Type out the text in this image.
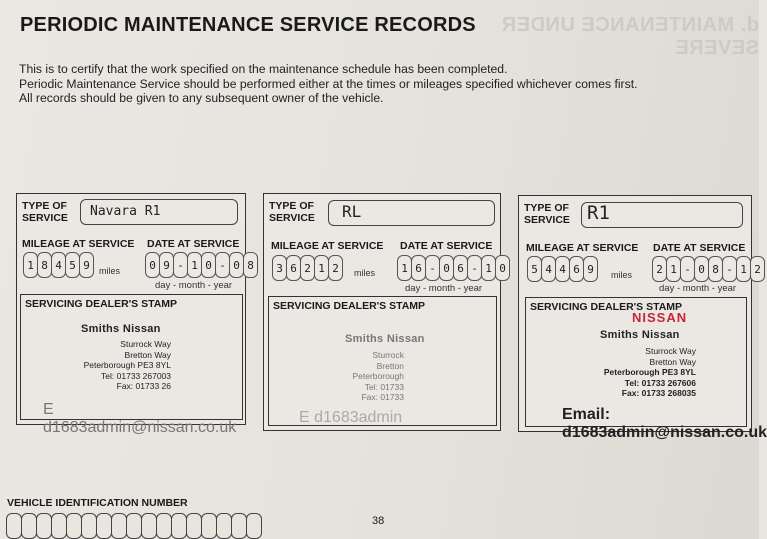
d. MAINTENANCE UNDER SEVERE
PERIODIC MAINTENANCE SERVICE RECORDS
This is to certify that the work specified on the maintenance schedule has been completed.
Periodic Maintenance Service should be performed either at the times or mileages specified whichever comes first.
All records should be given to any subsequent owner of the vehicle.
TYPE OF
SERVICE Navara R1
MILEAGE AT SERVICE DATE AT SERVICE
1 8 4 5 9	miles	0 9 - 1 0 - 0 8
day - month - year
SERVICING DEALER'S STAMP
Smiths Nissan
Sturrock Way
Bretton Way
Peterborough PE3 8YL
Tel: 01733 267003
Fax: 01733 26
E d1683admin@nissan.co.uk
TYPE OF
SERVICE RL
MILEAGE AT SERVICE DATE AT SERVICE
3 6 2 1 2	miles	1 6 - 0 6 - 1 0
day - month - year
SERVICING DEALER'S STAMP
Smiths Nissan
Sturrock
Bretton
Peterborough
Tel: 01733
Fax: 01733
E d1683admin
TYPE OF
SERVICE R1
MILEAGE AT SERVICE DATE AT SERVICE
5 4 4 6 9	miles	2 1 - 0 8 - 1 2
day - month - year
SERVICING DEALER'S STAMP
NISSAN
Smiths Nissan
Sturrock Way
Bretton Way
Peterborough PE3 8YL
Tel: 01733 267606
Fax: 01733 268035
Email: d1683admin@nissan.co.uk
VEHICLE IDENTIFICATION NUMBER
38
